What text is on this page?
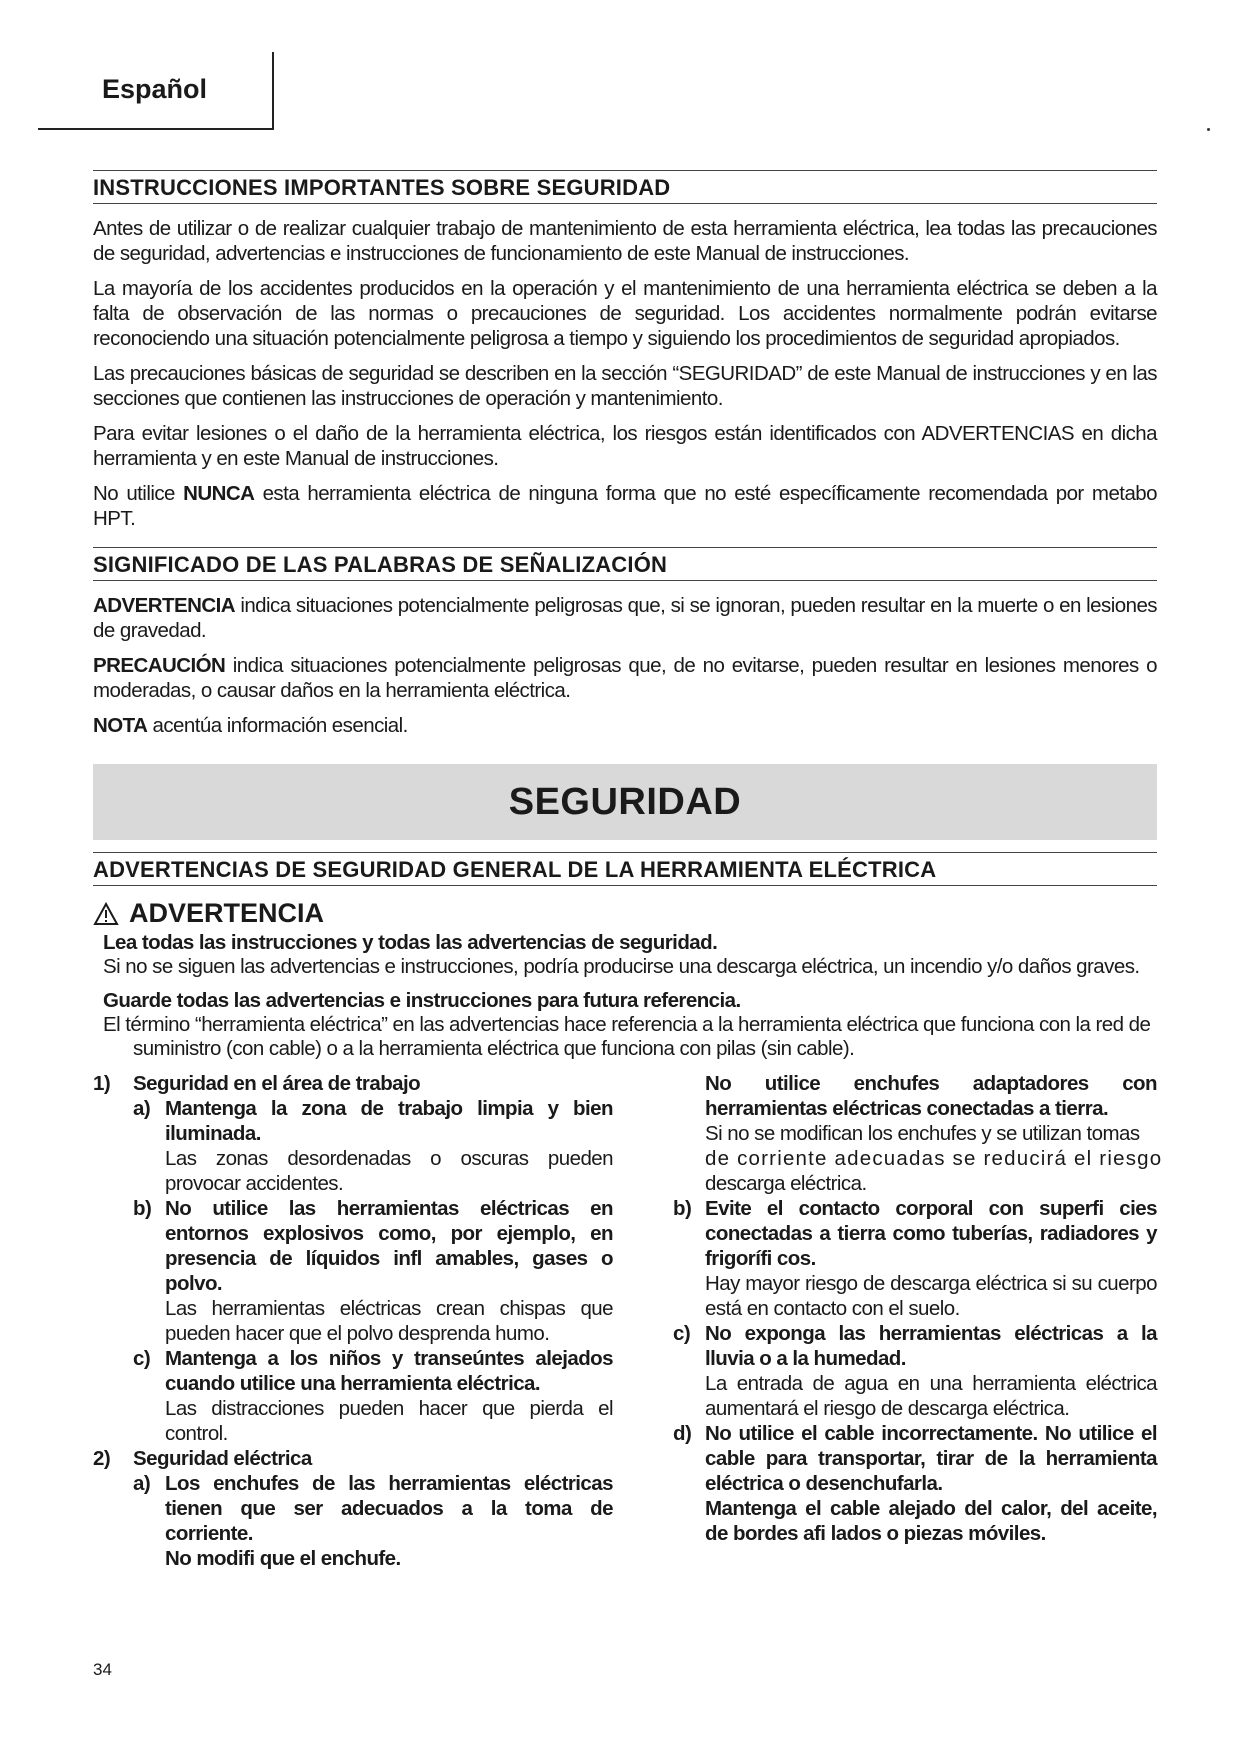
Español
INSTRUCCIONES IMPORTANTES SOBRE SEGURIDAD

Antes de utilizar o de realizar cualquier trabajo de mantenimiento de esta herramienta eléctrica, lea todas las precauciones de seguridad, advertencias e instrucciones de funcionamiento de este Manual de instrucciones.

La mayoría de los accidentes producidos en la operación y el mantenimiento de una herramienta eléctrica se deben a la falta de observación de las normas o precauciones de seguridad. Los accidentes normalmente podrán evitarse reconociendo una situación potencialmente peligrosa a tiempo y siguiendo los procedimientos de seguridad apropiados.

Las precauciones básicas de seguridad se describen en la sección “SEGURIDAD” de este Manual de instrucciones y en las secciones que contienen las instrucciones de operación y mantenimiento.

Para evitar lesiones o el daño de la herramienta eléctrica, los riesgos están identificados con ADVERTENCIAS en dicha herramienta y en este Manual de instrucciones.

No utilice NUNCA esta herramienta eléctrica de ninguna forma que no esté específicamente recomendada por metabo HPT.

SIGNIFICADO DE LAS PALABRAS DE SEÑALIZACIÓN

ADVERTENCIA indica situaciones potencialmente peligrosas que, si se ignoran, pueden resultar en la muerte o en lesiones de gravedad.

PRECAUCIÓN indica situaciones potencialmente peligrosas que, de no evitarse, pueden resultar en lesiones menores o moderadas, o causar daños en la herramienta eléctrica.

NOTA acentúa información esencial.

SEGURIDAD
ADVERTENCIAS DE SEGURIDAD GENERAL DE LA HERRAMIENTA ELÉCTRICA
ADVERTENCIA

Lea todas las instrucciones y todas las advertencias de seguridad.

Si no se siguen las advertencias e instrucciones, podría producirse una descarga eléctrica, un incendio y/o daños graves.

Guarde todas las advertencias e instrucciones para futura referencia.

El término “herramienta eléctrica” en las advertencias hace referencia a la herramienta eléctrica que funciona con la red de suministro (con cable) o a la herramienta eléctrica que funciona con pilas (sin cable).

1)	Seguridad en el área de trabajo
a) Mantenga la zona de trabajo limpia y bien iluminada.
Las zonas desordenadas o oscuras pueden provocar accidentes.
b) No utilice las herramientas eléctricas en entornos explosivos como, por ejemplo, en presencia de líquidos infl amables, gases o polvo.
Las herramientas eléctricas crean chispas que pueden hacer que el polvo desprenda humo.
c) Mantenga a los niños y transeúntes alejados cuando utilice una herramienta eléctrica.
Las distracciones pueden hacer que pierda el control.
2)	Seguridad eléctrica
a) Los enchufes de las herramientas eléctricas tienen que ser adecuados a la toma de corriente.
No modifi que el enchufe.
No utilice enchufes adaptadores con herramientas eléctricas conectadas a tierra.
Si no se modifican los enchufes y se utilizan tomas
de corriente adecuadas se reducirá el riesgo
descarga eléctrica.
b) Evite el contacto corporal con superfi cies conectadas a tierra como tuberías, radiadores y frigorífi cos.
Hay mayor riesgo de descarga eléctrica si su cuerpo está en contacto con el suelo.
c) No exponga las herramientas eléctricas a la lluvia o a la humedad.
La entrada de agua en una herramienta eléctrica aumentará el riesgo de descarga eléctrica.
d) No utilice el cable incorrectamente. No utilice el cable para transportar, tirar de la herramienta eléctrica o desenchufarla.
Mantenga el cable alejado del calor, del aceite, de bordes afi lados o piezas móviles.
34
